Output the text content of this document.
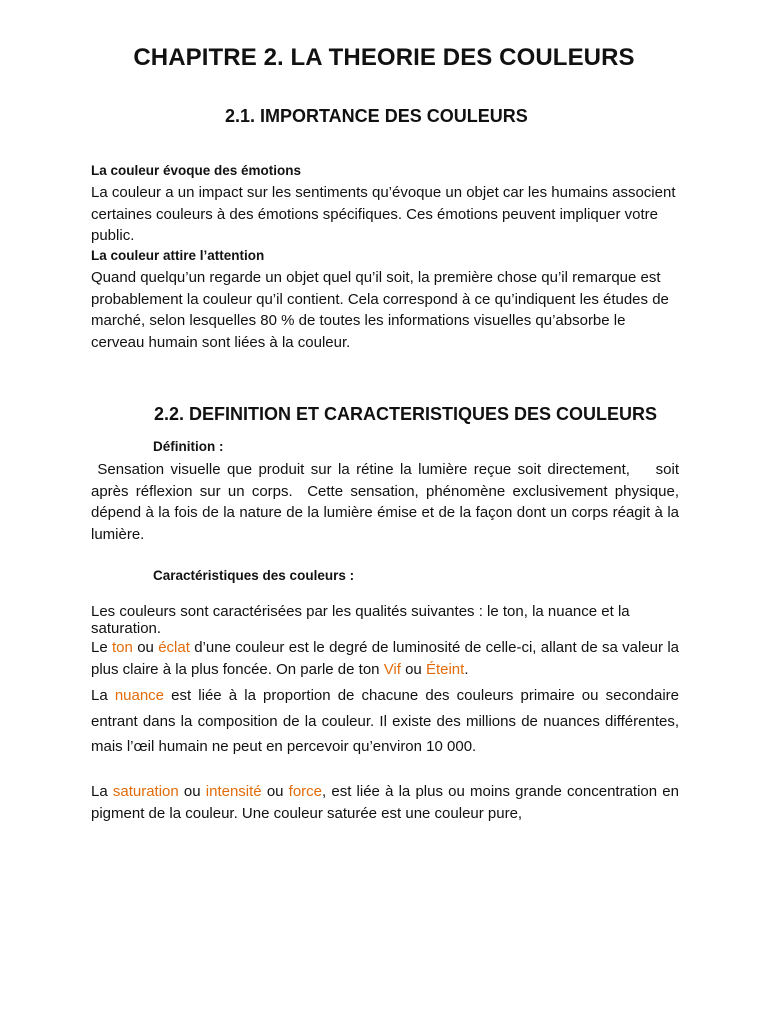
CHAPITRE 2. LA THEORIE DES COULEURS
2.1. IMPORTANCE DES COULEURS
La couleur évoque des émotions
La couleur a un impact sur les sentiments qu’évoque un objet car les humains associent certaines couleurs à des émotions spécifiques. Ces émotions peuvent impliquer votre public.
La couleur attire l’attention
Quand quelqu’un regarde un objet quel qu’il soit, la première chose qu’il remarque est probablement la couleur qu’il contient. Cela correspond à ce qu’indiquent les études de marché, selon lesquelles 80 % de toutes les informations visuelles qu’absorbe le cerveau humain sont liées à la couleur.
2.2. DEFINITION ET CARACTERISTIQUES DES COULEURS
Définition :
Sensation visuelle que produit sur la rétine la lumière reçue soit directement,    soit après réflexion sur un corps.  Cette sensation, phénomène exclusivement physique, dépend à la fois de la nature de la lumière émise et de la façon dont un corps réagit à la lumière.
Caractéristiques des couleurs :
Les couleurs sont caractérisées par les qualités suivantes : le ton, la nuance et la saturation.
Le ton ou éclat d’une couleur est le degré de luminosité de celle-ci, allant de sa valeur la plus claire à la plus foncée. On parle de ton Vif ou Éteint.
La nuance est liée à la proportion de chacune des couleurs primaire ou secondaire entrant dans la composition de la couleur. Il existe des millions de nuances différentes, mais l’œil humain ne peut en percevoir qu’environ 10 000.
La saturation ou intensité ou force, est liée à la plus ou moins grande concentration en pigment de la couleur. Une couleur saturée est une couleur pure,
